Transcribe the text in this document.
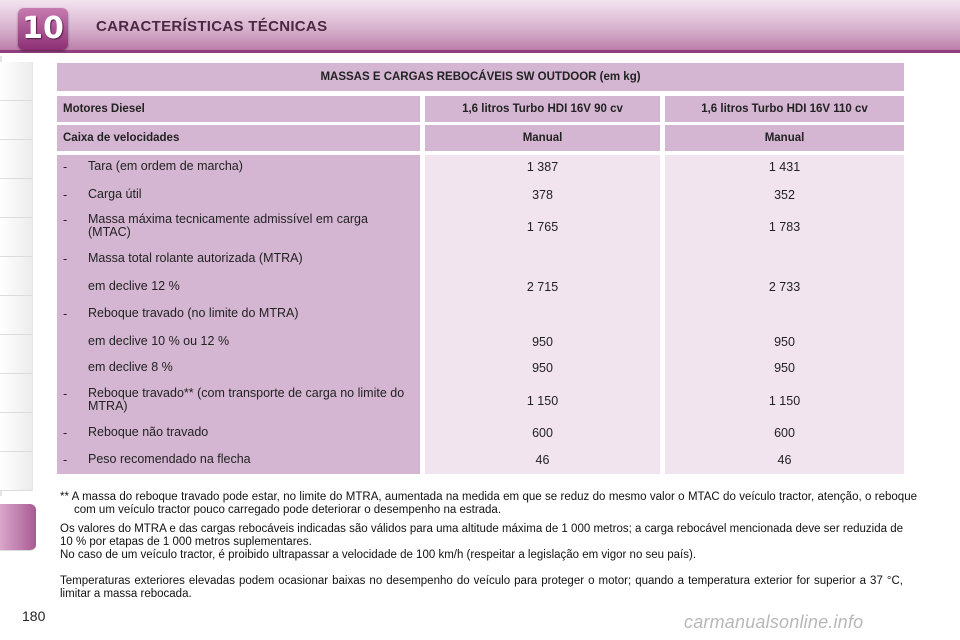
10 CARACTERÍSTICAS TÉCNICAS
MASSAS E CARGAS REBOCÁVEIS SW OUTDOOR (em kg)
Motores Diesel	1,6 litros Turbo HDI 16V 90 cv	1,6 litros Turbo HDI 16V 110 cv
Caixa de velocidades	Manual	Manual
- Tara (em ordem de marcha)	1 387	1 431
- Carga útil	378	352
- Massa máxima tecnicamente admissível em carga (MTAC)	1 765	1 783
- Massa total rolante autorizada (MTRA)
em declive 12 %	2 715	2 733
- Reboque travado (no limite do MTRA)
em declive 10 % ou 12 %	950	950
em declive 8 %	950	950
- Reboque travado** (com transporte de carga no limite do MTRA)	1 150	1 150
- Reboque não travado	600	600
- Peso recomendado na flecha	46	46
** A massa do reboque travado pode estar, no limite do MTRA, aumentada na medida em que se reduz do mesmo valor o MTAC do veículo tractor, atenção, o reboque com um veículo tractor pouco carregado pode deteriorar o desempenho na estrada.
Os valores do MTRA e das cargas rebocáveis indicadas são válidos para uma altitude máxima de 1 000 metros; a carga rebocável mencionada deve ser reduzida de 10 % por etapas de 1 000 metros suplementares.
No caso de um veículo tractor, é proibido ultrapassar a velocidade de 100 km/h (respeitar a legislação em vigor no seu país).
Temperaturas exteriores elevadas podem ocasionar baixas no desempenho do veículo para proteger o motor; quando a temperatura exterior for superior a 37 °C, limitar a massa rebocada.
180	carmanualsonline.info
